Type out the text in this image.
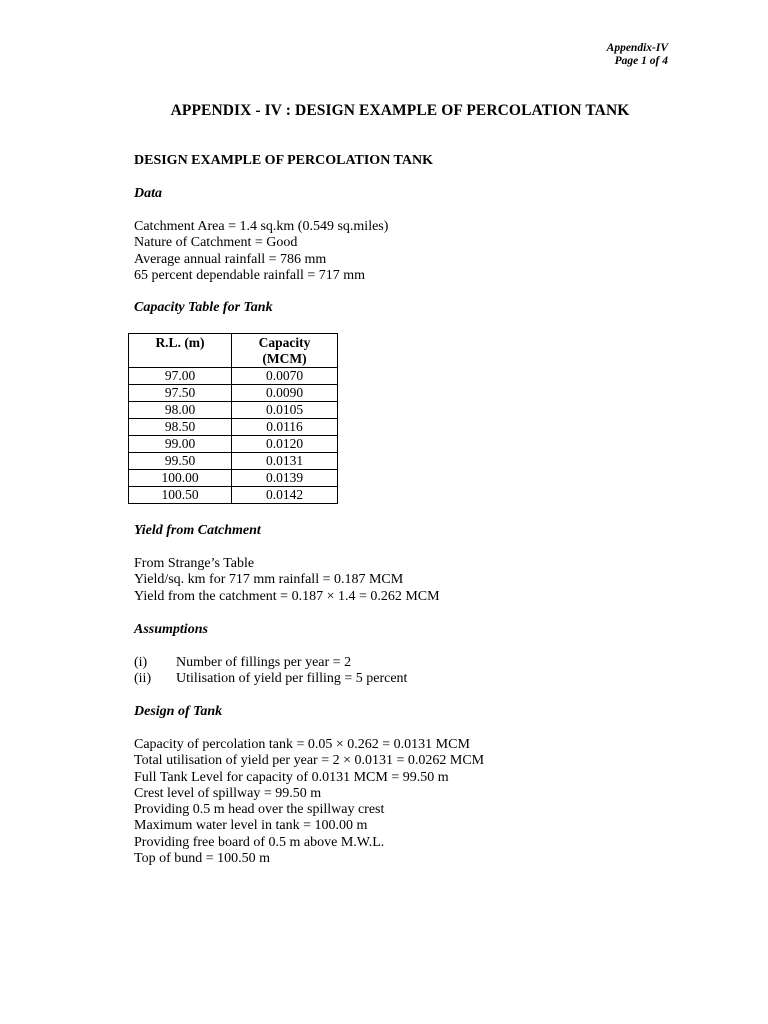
Appendix-IV
Page 1 of 4
APPENDIX - IV : DESIGN EXAMPLE OF PERCOLATION TANK
DESIGN EXAMPLE OF PERCOLATION TANK
Data
Catchment Area = 1.4 sq.km (0.549 sq.miles)
Nature of Catchment = Good
Average annual rainfall = 786 mm
65 percent dependable rainfall = 717 mm
Capacity Table for Tank
R.L. (m)	Capacity
(MCM)

97.00	0.0070
97.50	0.0090
98.00	0.0105
98.50	0.0116
99.00	0.0120
99.50	0.0131
100.00	0.0139
100.50	0.0142
Yield from Catchment
From Strange’s Table
Yield/sq. km for 717 mm rainfall = 0.187 MCM
Yield from the catchment = 0.187 × 1.4 = 0.262 MCM
Assumptions
(i)	Number of fillings per year = 2
(ii)	Utilisation of yield per filling = 5 percent
Design of Tank
Capacity of percolation tank = 0.05 × 0.262 = 0.0131 MCM
Total utilisation of yield per year = 2 × 0.0131 = 0.0262 MCM
Full Tank Level for capacity of 0.0131 MCM = 99.50 m
Crest level of spillway = 99.50 m
Providing 0.5 m head over the spillway crest
Maximum water level in tank = 100.00 m
Providing free board of 0.5 m above M.W.L.
Top of bund = 100.50 m
